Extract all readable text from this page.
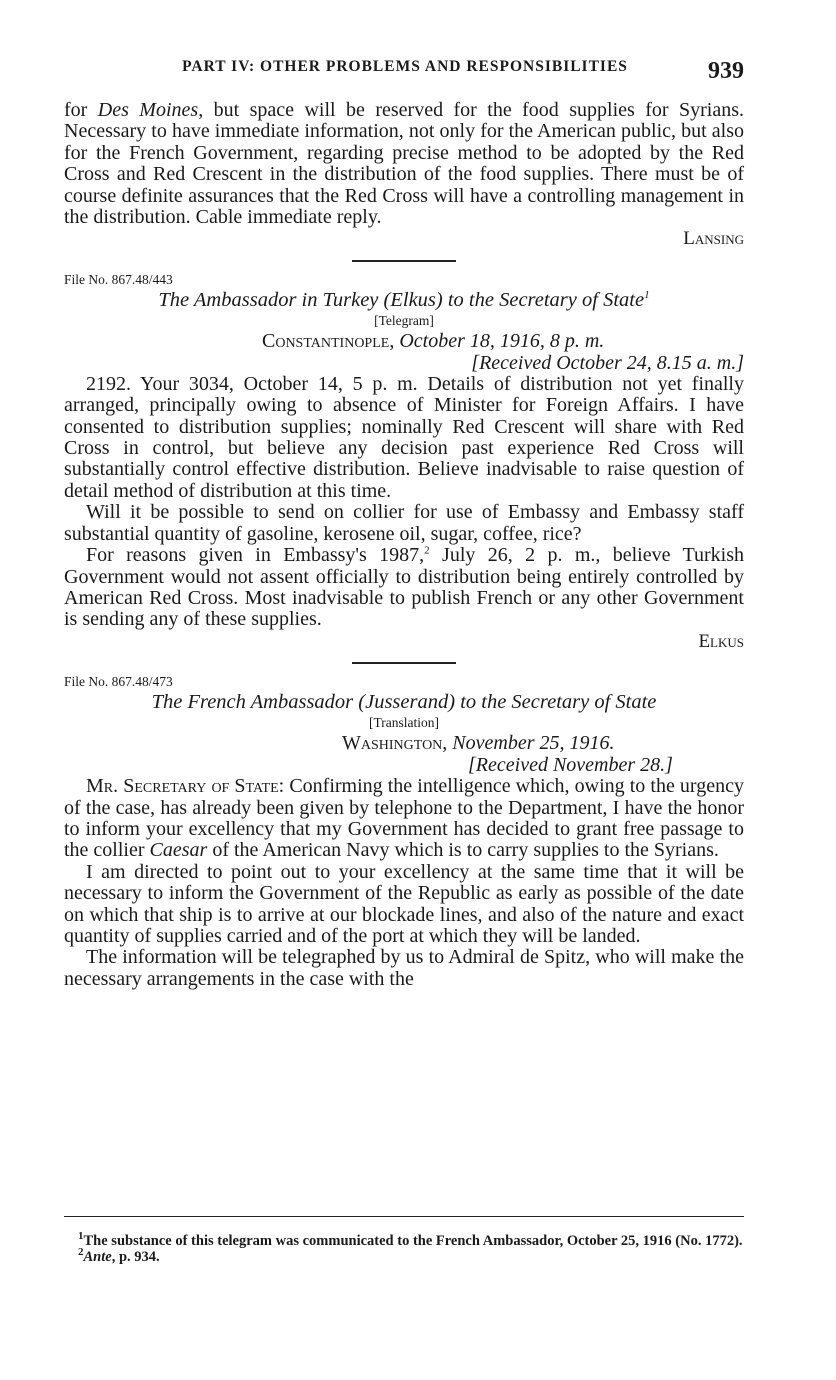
PART IV: OTHER PROBLEMS AND RESPONSIBILITIES	939

for Des Moines, but space will be reserved for the food supplies for Syrians. Necessary to have immediate information, not only for the American public, but also for the French Government, regarding precise method to be adopted by the Red Cross and Red Crescent in the distribution of the food supplies. There must be of course definite assurances that the Red Cross will have a controlling management in the distribution. Cable immediate reply.

Lansing

File No. 867.48/443

The Ambassador in Turkey (Elkus) to the Secretary of State$^1$

[Telegram]

Constantinople, October 18, 1916, 8 p. m.

[Received October 24, 8.15 a. m.]

2192. Your 3034, October 14, 5 p. m. Details of distribution not yet finally arranged, principally owing to absence of Minister for Foreign Affairs. I have consented to distribution supplies; nominally Red Crescent will share with Red Cross in control, but believe any decision past experience Red Cross will substantially control effective distribution. Believe inadvisable to raise question of detail method of distribution at this time.

Will it be possible to send on collier for use of Embassy and Embassy staff substantial quantity of gasoline, kerosene oil, sugar, coffee, rice?

For reasons given in Embassy's 1987,$^2$ July 26, 2 p. m., believe Turkish Government would not assent officially to distribution being entirely controlled by American Red Cross. Most inadvisable to publish French or any other Government is sending any of these supplies.

Elkus

File No. 867.48/473

The French Ambassador (Jusserand) to the Secretary of State

[Translation]

Washington, November 25, 1916.

[Received November 28.]

Mr. Secretary of State: Confirming the intelligence which, owing to the urgency of the case, has already been given by telephone to the Department, I have the honor to inform your excellency that my Government has decided to grant free passage to the collier Caesar of the American Navy which is to carry supplies to the Syrians.

I am directed to point out to your excellency at the same time that it will be necessary to inform the Government of the Republic as early as possible of the date on which that ship is to arrive at our blockade lines, and also of the nature and exact quantity of supplies carried and of the port at which they will be landed.

The information will be telegraphed by us to Admiral de Spitz, who will make the necessary arrangements in the case with the

$^1$The substance of this telegram was communicated to the French Ambassador, October 25, 1916 (No. 1772).

$^2$Ante, p. 934.
